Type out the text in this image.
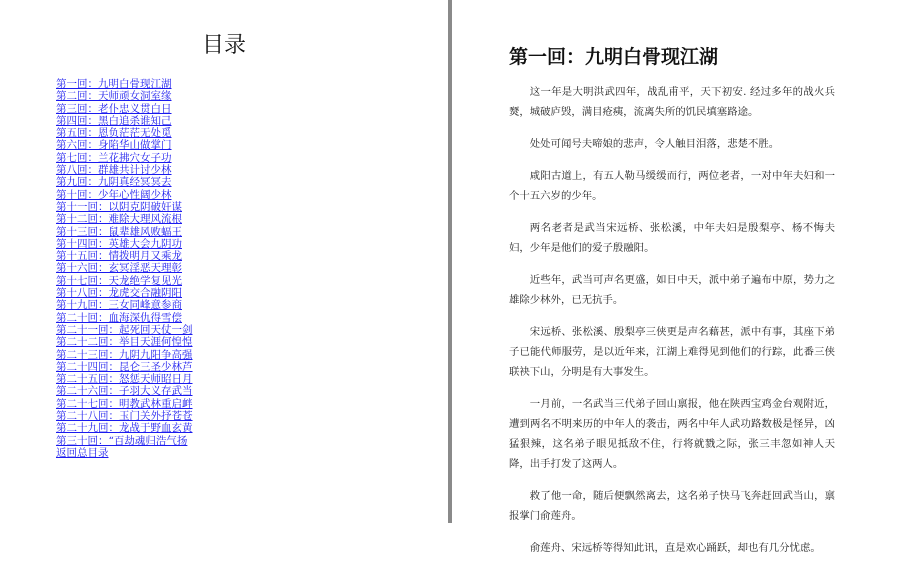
目录
第一回：九明白骨现江湖
第二回：天师顽女洞室缘
第三回：老仆忠义贯白日
第四回：黑白追杀谁知己
第五回：恩负茫茫无处觅
第六回：身陷华山做掌门
第七回：兰花拂穴女子功
第八回：群雄共计讨少林
第九回：九阴真经冥冥去
第十回：少年心性阔少林
第十一回：以阴克阴破奸谋
第十二回：难除大理风流根
第十三回：鼠辈雄风败蝠王
第十四回：英雄大会九阴功
第十五回：情拨明月又乘龙
第十六回：玄冥淫恶天理彰
第十七回：天龙绝学复见光
第十八回：龙虎交合融阴阳
第十九回：三女同峰意参商
第二十回：血海深仇得雪偿
第二十一回：起死回天仗一剑
第二十二回：举目天涯何惶惶
第二十三回：九阴九阳争高强
第二十四回：昆仑三圣少林芦
第二十五回：怒惩天师昭日月
第二十六回：子羽大义存武当
第二十七回：明教武林重启衅
第二十八回：玉门关外抒苍苍
第二十九回：龙战于野血玄黄
第三十回：“百劫魂归浩气扬
返回总目录
第一回：九明白骨现江湖

这一年是大明洪武四年，战乱甫平，天下初安. 经过多年的战火兵燹，城破庐毁，满目疮痍，流离失所的饥民填塞路途。

处处可闻号夫啼娘的悲声，令人触目泪落，悲楚不胜。

咸阳古道上，有五人勒马缓缓而行，两位老者，一对中年夫妇和一个十五六岁的少年。

两名老者是武当宋远桥、张松溪，中年夫妇是殷梨亭、杨不悔夫妇，少年是他们的爱子殷融阳。

近些年，武当可声名更盛，如日中天，派中弟子遍布中原，势力之雄除少林外，已无抗手。

宋远桥、张松溪、殷梨亭三侠更是声名藉甚，派中有事，其座下弟子已能代师服劳，是以近年来，江湖上难得见到他们的行踪，此番三侠联袂下山，分明是有大事发生。

一月前，一名武当三代弟子回山禀报，他在陕西宝鸡金台观附近，遭到两名不明来历的中年人的袭击，两名中年人武功路数极是怪异，凶猛狠辣，这名弟子眼见抵敌不住，行将就戮之际，张三丰忽如神人天降，出手打发了这两人。

救了他一命，随后便飘然离去，这名弟子快马飞奔赶回武当山，禀报掌门俞莲舟。

俞莲舟、宋远桥等得知此讯，直是欢心踊跃，却也有几分忧虑。
